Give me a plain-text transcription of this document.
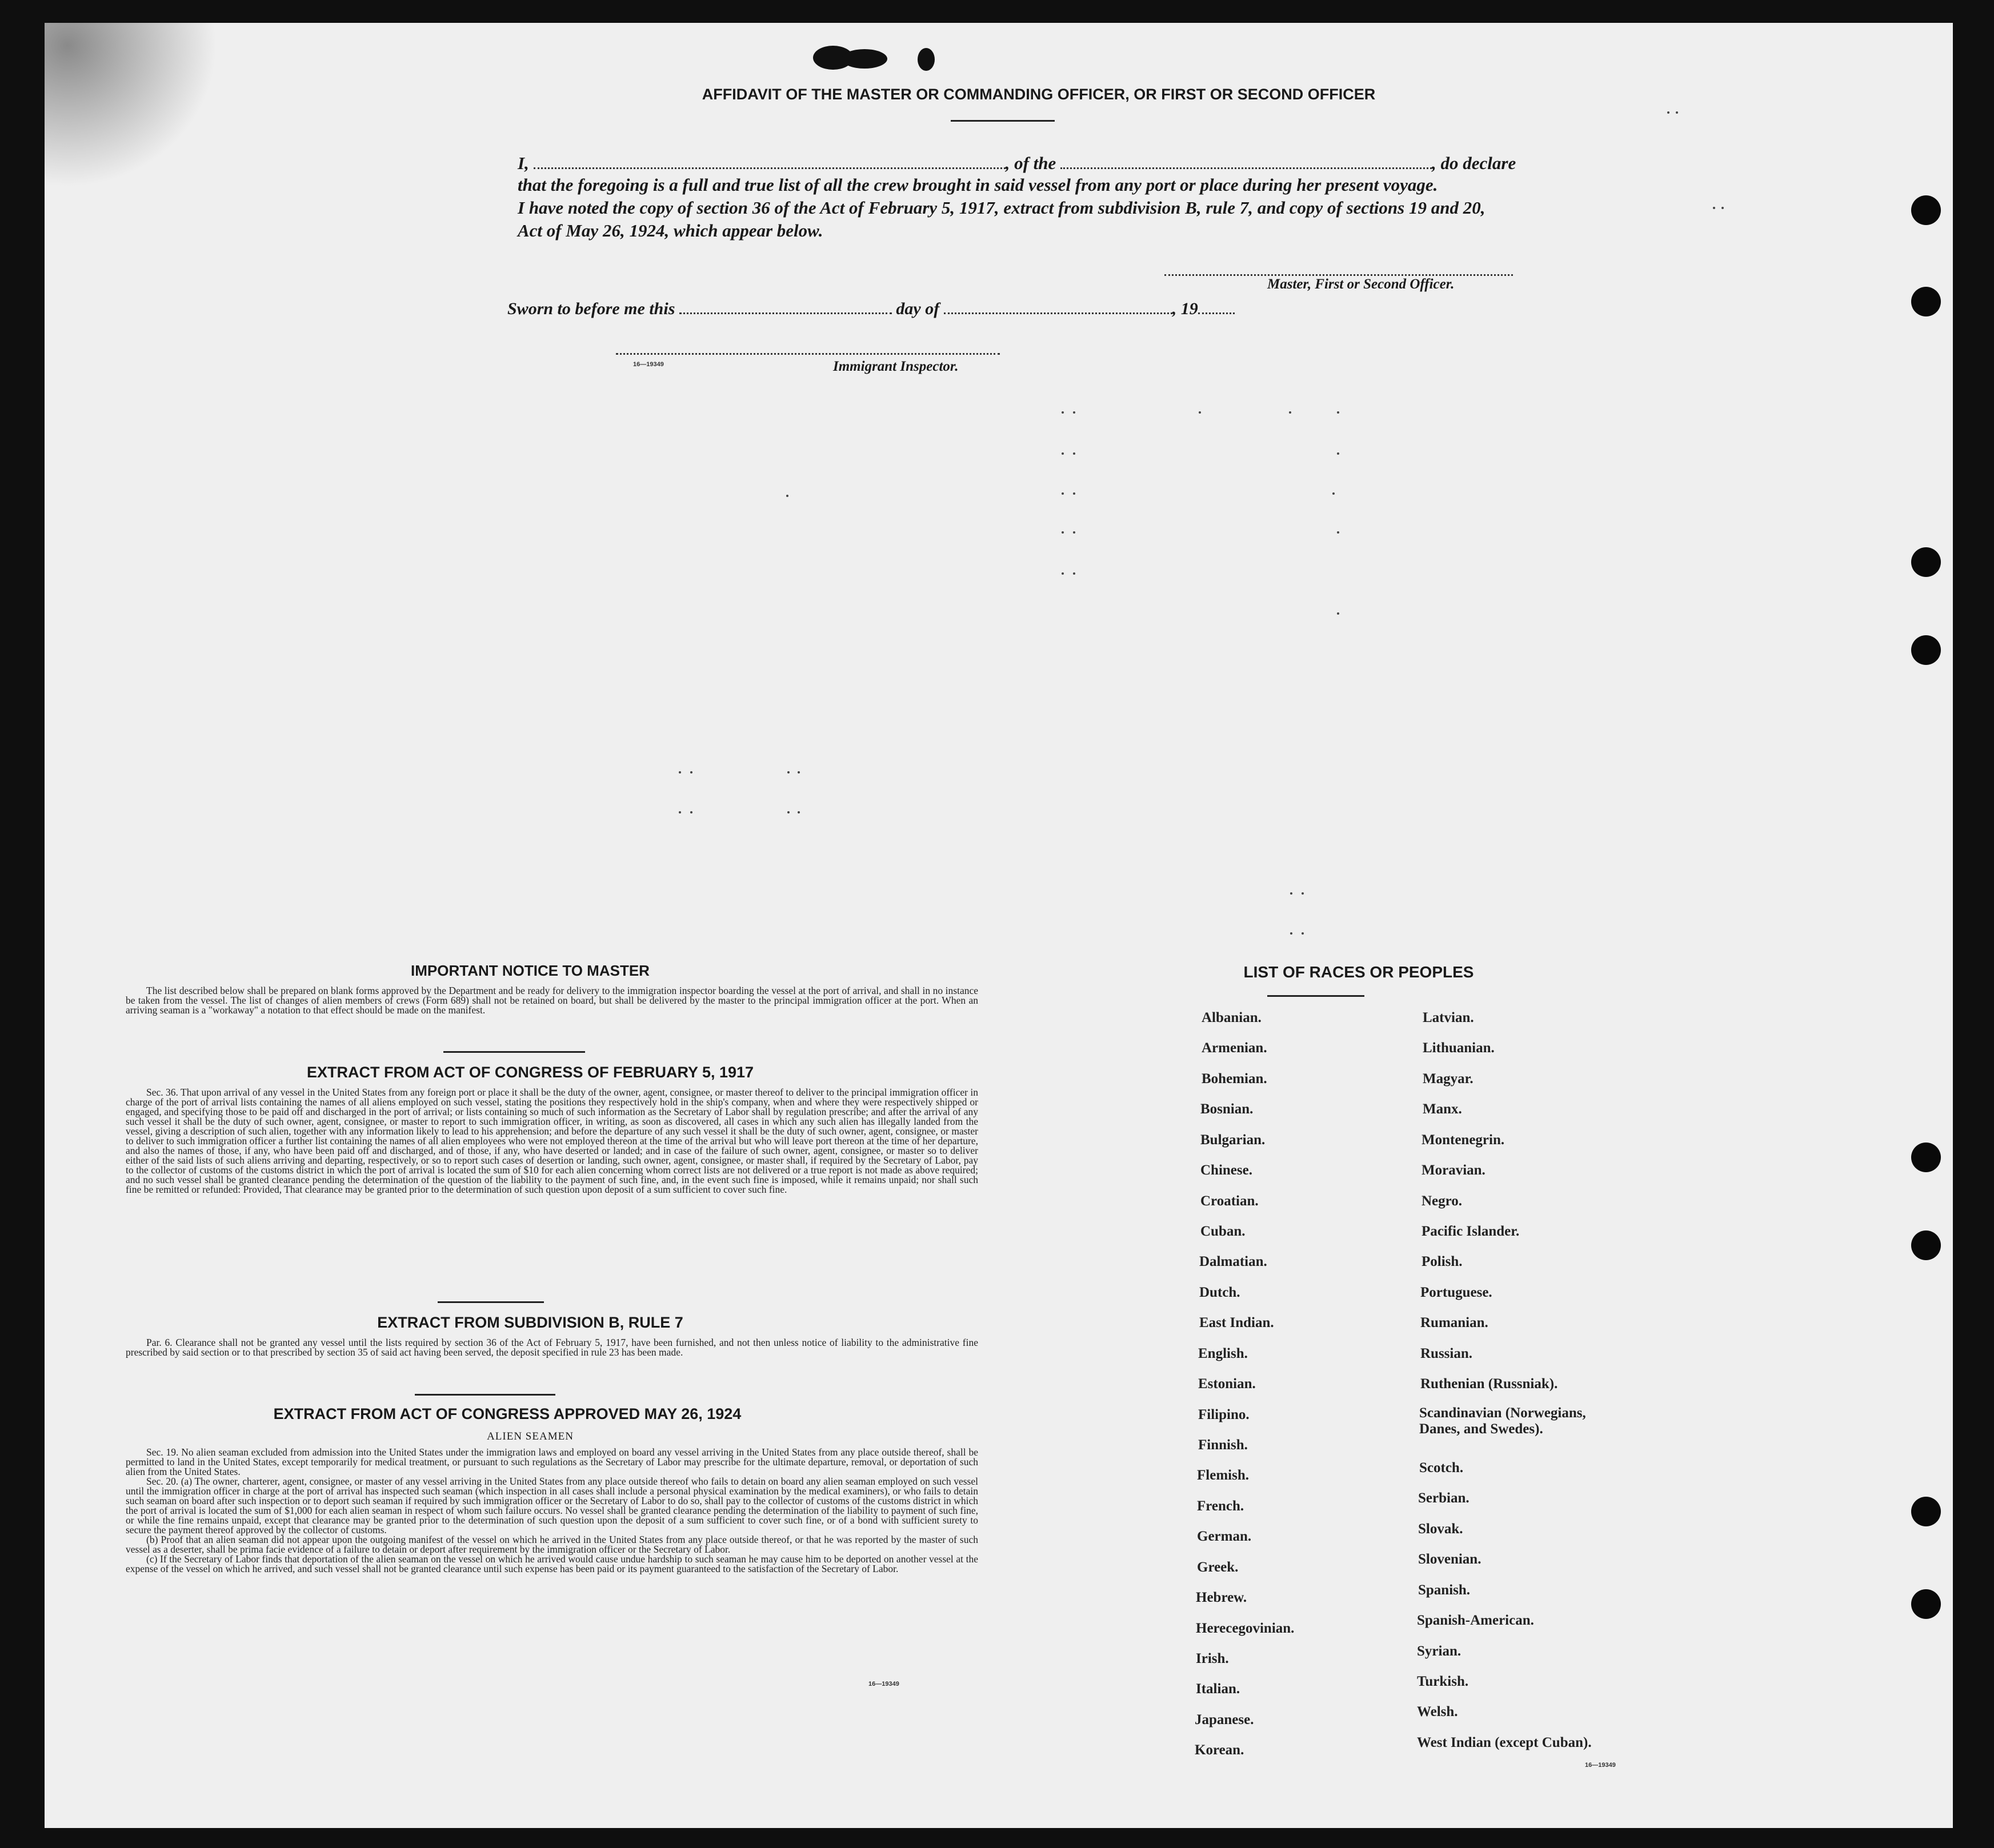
AFFIDAVIT OF THE MASTER OR COMMANDING OFFICER, OR FIRST OR SECOND OFFICER
I,	, of the	, do declare
that the foregoing is a full and true list of all the crew brought in said vessel from any port or place during her present voyage.
I have noted the copy of section 36 of the Act of February 5, 1917, extract from subdivision B, rule 7, and copy of sections 19 and 20,
Act of May 26, 1924, which appear below.
Master, First or Second Officer.
Sworn to before me this	day of	, 19
16—19349	Immigrant Inspector.
IMPORTANT NOTICE TO MASTER

The list described below shall be prepared on blank forms approved by the Department and be ready for delivery to the immigration inspector boarding the vessel at the port of arrival, and shall in no instance be taken from the vessel. The list of changes of alien members of crews (Form 689) shall not be retained on board, but shall be delivered by the master to the principal immigration officer at the port. When an arriving seaman is a "workaway" a notation to that effect should be made on the manifest.

EXTRACT FROM ACT OF CONGRESS OF FEBRUARY 5, 1917

Sec. 36. That upon arrival of any vessel in the United States from any foreign port or place it shall be the duty of the owner, agent, consignee, or master thereof to deliver to the principal immigration officer in charge of the port of arrival lists containing the names of all aliens employed on such vessel, stating the positions they respectively hold in the ship's company, when and where they were respectively shipped or engaged, and specifying those to be paid off and discharged in the port of arrival; or lists containing so much of such information as the Secretary of Labor shall by regulation prescribe; and after the arrival of any such vessel it shall be the duty of such owner, agent, consignee, or master to report to such immigration officer, in writing, as soon as discovered, all cases in which any such alien has illegally landed from the vessel, giving a description of such alien, together with any information likely to lead to his apprehension; and before the departure of any such vessel it shall be the duty of such owner, agent, consignee, or master to deliver to such immigration officer a further list containing the names of all alien employees who were not employed thereon at the time of the arrival but who will leave port thereon at the time of her departure, and also the names of those, if any, who have been paid off and discharged, and of those, if any, who have deserted or landed; and in case of the failure of such owner, agent, consignee, or master so to deliver either of the said lists of such aliens arriving and departing, respectively, or so to report such cases of desertion or landing, such owner, agent, consignee, or master shall, if required by the Secretary of Labor, pay to the collector of customs of the customs district in which the port of arrival is located the sum of $10 for each alien concerning whom correct lists are not delivered or a true report is not made as above required; and no such vessel shall be granted clearance pending the determination of the question of the liability to the payment of such fine, and, in the event such fine is imposed, while it remains unpaid; nor shall such fine be remitted or refunded: Provided, That clearance may be granted prior to the determination of such question upon deposit of a sum sufficient to cover such fine.

EXTRACT FROM SUBDIVISION B, RULE 7

Par. 6. Clearance shall not be granted any vessel until the lists required by section 36 of the Act of February 5, 1917, have been furnished, and not then unless notice of liability to the administrative fine prescribed by said section or to that prescribed by section 35 of said act having been served, the deposit specified in rule 23 has been made.

EXTRACT FROM ACT OF CONGRESS APPROVED MAY 26, 1924
ALIEN SEAMEN

Sec. 19. No alien seaman excluded from admission into the United States under the immigration laws and employed on board any vessel arriving in the United States from any place outside thereof, shall be permitted to land in the United States, except temporarily for medical treatment, or pursuant to such regulations as the Secretary of Labor may prescribe for the ultimate departure, removal, or deportation of such alien from the United States.

Sec. 20. (a) The owner, charterer, agent, consignee, or master of any vessel arriving in the United States from any place outside thereof who fails to detain on board any alien seaman employed on such vessel until the immigration officer in charge at the port of arrival has inspected such seaman (which inspection in all cases shall include a personal physical examination by the medical examiners), or who fails to detain such seaman on board after such inspection or to deport such seaman if required by such immigration officer or the Secretary of Labor to do so, shall pay to the collector of customs of the customs district in which the port of arrival is located the sum of $1,000 for each alien seaman in respect of whom such failure occurs. No vessel shall be granted clearance pending the determination of the liability to payment of such fine, or while the fine remains unpaid, except that clearance may be granted prior to the determination of such question upon the deposit of a sum sufficient to cover such fine, or of a bond with sufficient surety to secure the payment thereof approved by the collector of customs.

(b) Proof that an alien seaman did not appear upon the outgoing manifest of the vessel on which he arrived in the United States from any place outside thereof, or that he was reported by the master of such vessel as a deserter, shall be prima facie evidence of a failure to detain or deport after requirement by the immigration officer or the Secretary of Labor.

(c) If the Secretary of Labor finds that deportation of the alien seaman on the vessel on which he arrived would cause undue hardship to such seaman he may cause him to be deported on another vessel at the expense of the vessel on which he arrived, and such vessel shall not be granted clearance until such expense has been paid or its payment guaranteed to the satisfaction of the Secretary of Labor.

16—19349
LIST OF RACES OR PEOPLES
Albanian.
Armenian.
Bohemian.
Bosnian.
Bulgarian.
Chinese.
Croatian.
Cuban.
Dalmatian.
Dutch.
East Indian.
English.
Estonian.
Filipino.
Finnish.
Flemish.
French.
German.
Greek.
Hebrew.
Herecegovinian.
Irish.
Italian.
Japanese.
Korean.
Latvian.
Lithuanian.
Magyar.
Manx.
Montenegrin.
Moravian.
Negro.
Pacific Islander.
Polish.
Portuguese.
Rumanian.
Russian.
Ruthenian (Russniak).
Scandinavian (Norwegians, Danes, and Swedes).
Scotch.
Serbian.
Slovak.
Slovenian.
Spanish.
Spanish-American.
Syrian.
Turkish.
Welsh.
West Indian (except Cuban).
16—19349
